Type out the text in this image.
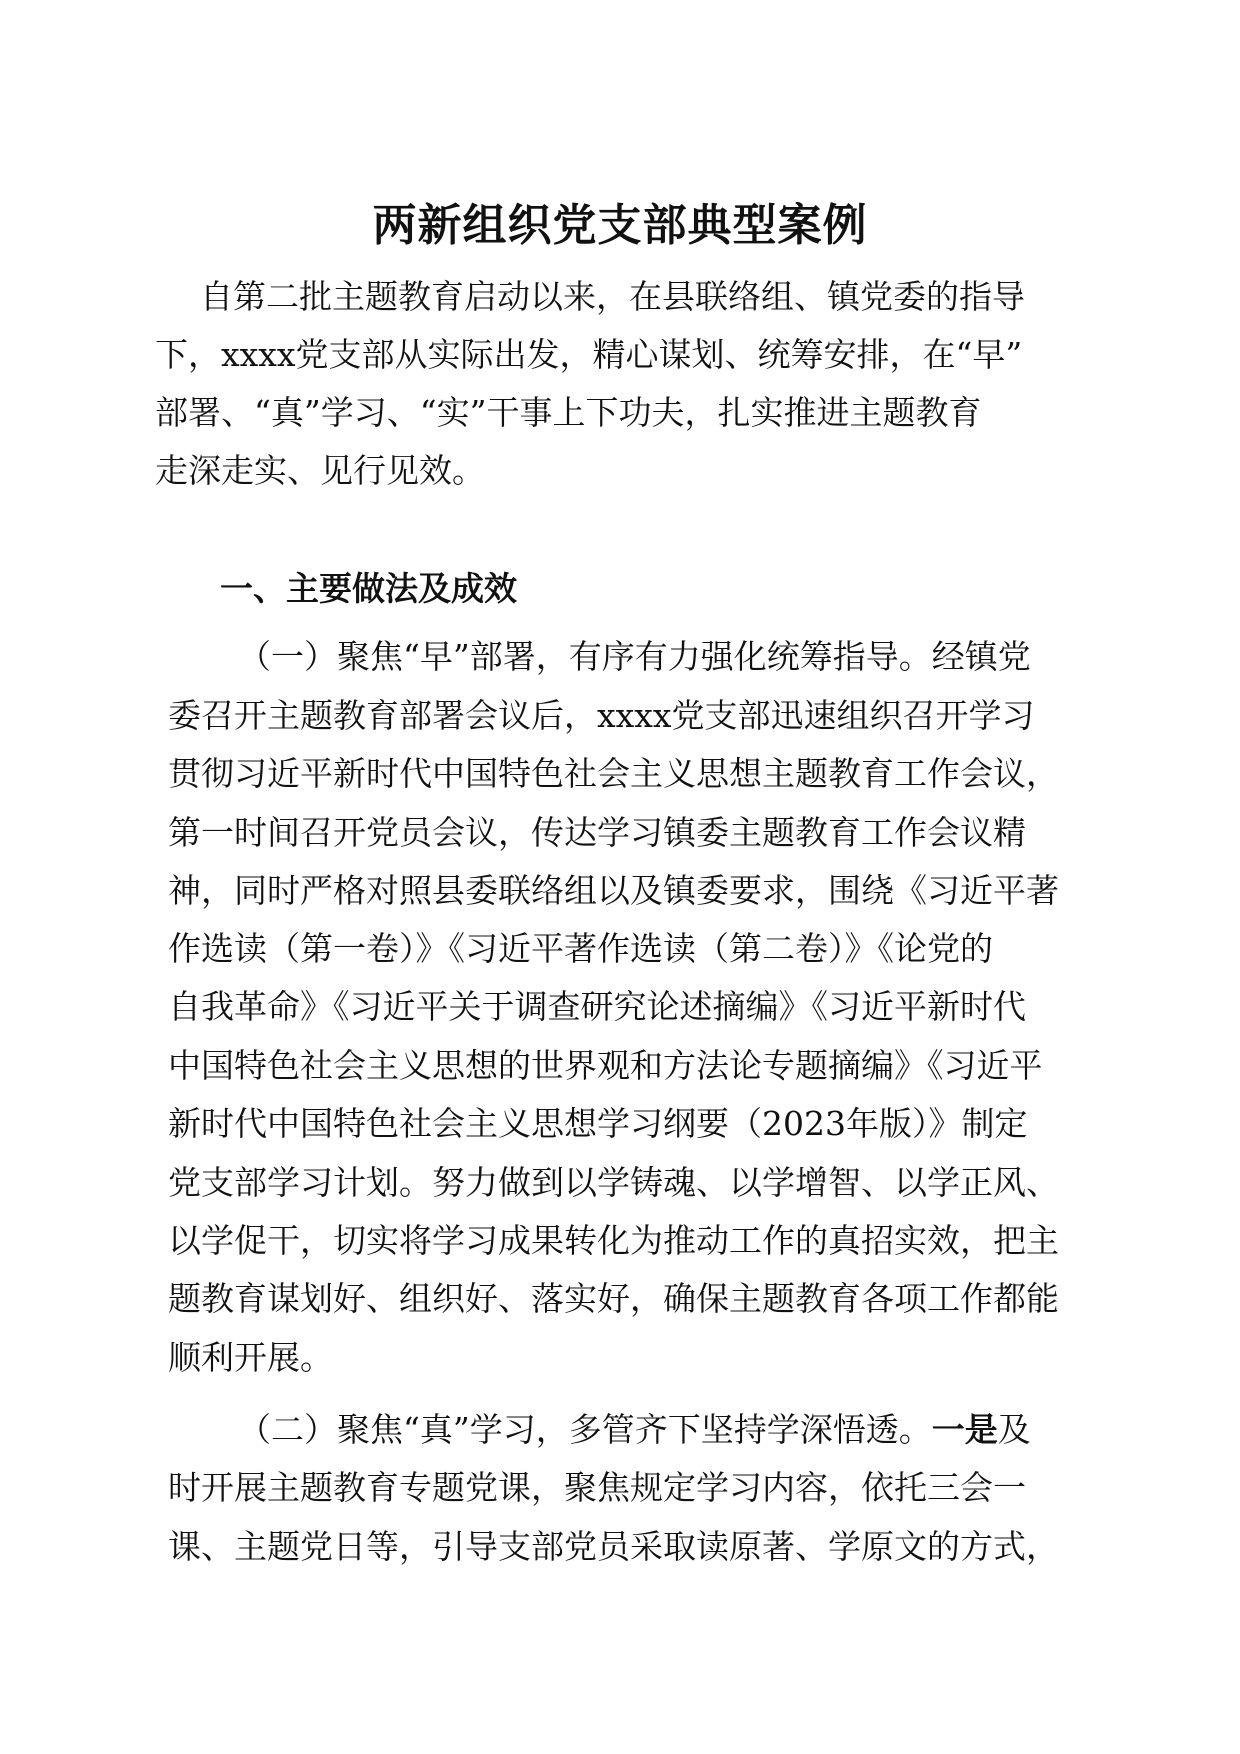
两新组织党支部典型案例

自第二批主题教育启动以来，在县联络组、镇党委的指导

下，xxxx党支部从实际出发，精心谋划、统筹安排，在“早”

部署、“真”学习、“实”干事上下功夫，扎实推进主题教育

走深走实、见行见效。

一、主要做法及成效

（一）聚焦“早”部署，有序有力强化统筹指导。经镇党

委召开主题教育部署会议后，xxxx党支部迅速组织召开学习

贯彻习近平新时代中国特色社会主义思想主题教育工作会议，

第一时间召开党员会议，传达学习镇委主题教育工作会议精

神，同时严格对照县委联络组以及镇委要求，围绕《习近平著

作选读（第一卷）》《习近平著作选读（第二卷）》《论党的

自我革命》《习近平关于调查研究论述摘编》《习近平新时代

中国特色社会主义思想的世界观和方法论专题摘编》《习近平

新时代中国特色社会主义思想学习纲要（2023年版）》制定

党支部学习计划。努力做到以学铸魂、以学增智、以学正风、

以学促干，切实将学习成果转化为推动工作的真招实效，把主

题教育谋划好、组织好、落实好，确保主题教育各项工作都能

顺利开展。

（二）聚焦“真”学习，多管齐下坚持学深悟透。一是及

时开展主题教育专题党课，聚焦规定学习内容，依托三会一

课、主题党日等，引导支部党员采取读原著、学原文的方式，
